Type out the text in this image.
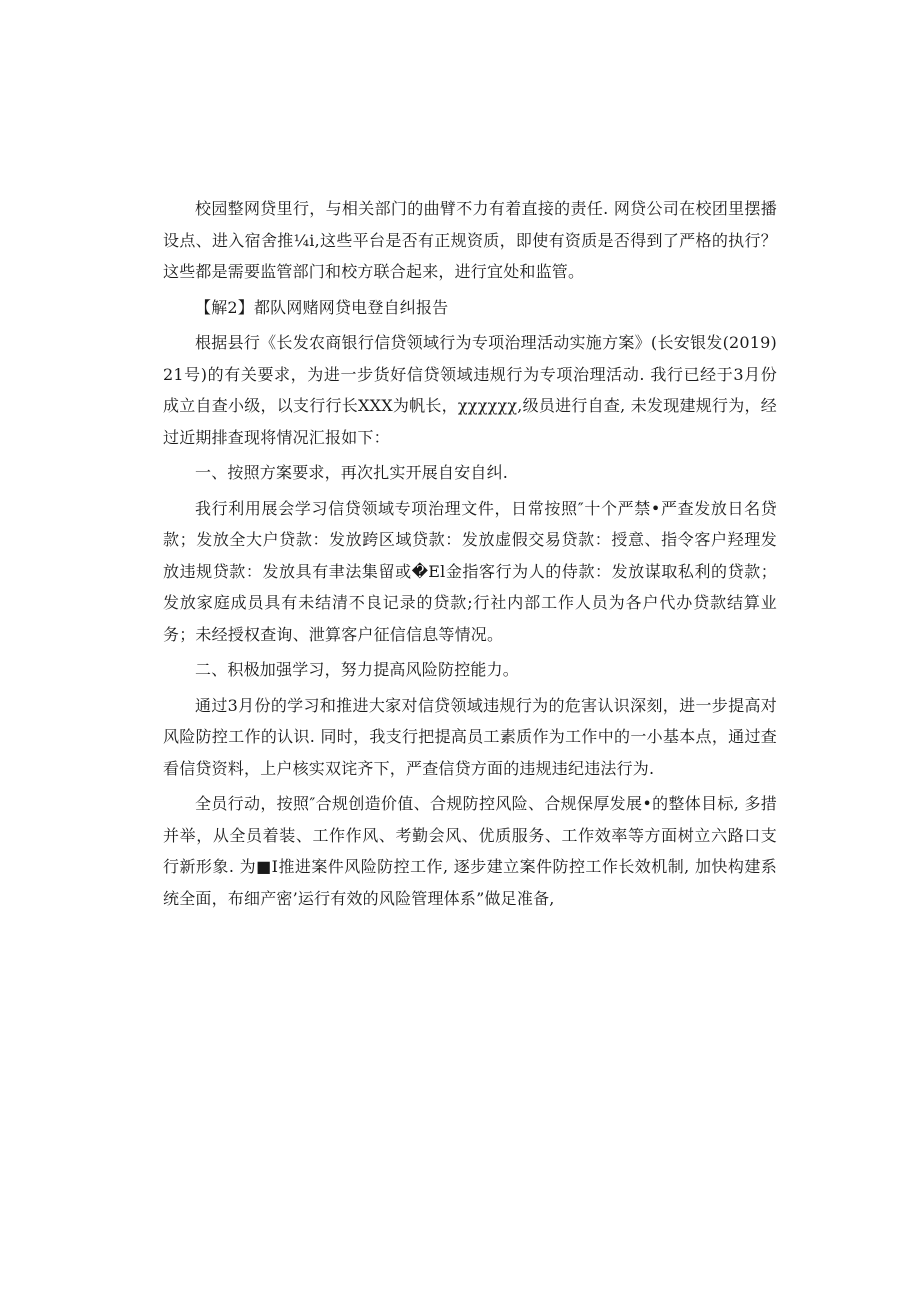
校园整网贷里行，与相关部门的曲臂不力有着直接的责任. 网贷公司在校团里摆播设点、进入宿舍推¼i,这些平台是否有正规资质，即使有资质是否得到了严格的执行？这些都是需要监管部门和校方联合起来，进行宜处和监管。

【解2】都队网赌网贷电登自纠报告

根据县行《长发农商银行信贷领域行为专项治理活动实施方案》(长安银发(2019)21号)的有关要求，为进一步货好信贷领域违规行为专项治理活动. 我行已经于3月份成立自查小级，以支行行长XXX为帆长，χχχχχχ,级员进行自查, 未发现建规行为，经过近期排查现将情况汇报如下：

一、按照方案要求，再次扎实开展自安自纠.

我行利用展会学习信贷领域专项治理文件，日常按照″十个严禁•严查发放日名贷款；发放全大户贷款：发放跨区域贷款：发放虚假交易贷款：授意、指令客户羟理发放违规贷款：发放具有聿法集留或�El金指客行为人的侍款：发放谋取私利的贷款；发放家庭成员具有未结清不良记录的贷款;行社内部工作人员为各户代办贷款结算业务；未经授权查询、泄算客户征信信息等情况。

二、积极加强学习，努力提高风险防控能力。

通过3月份的学习和推进大家对信贷领域违规行为的危害认识深刻，进一步提高对风险防控工作的认识. 同时，我支行把提高员工素质作为工作中的一小基本点，通过查看信贷资料，上户核实双诧齐下，严查信贷方面的违规违纪违法行为.

全员行动，按照″合规创造价值、合规防控风险、合规保厚发展•的整体目标, 多措并举，从全员着装、工作作风、考勤会风、优质服务、工作效率等方面树立六路口支行新形象. 为■I推进案件风险防控工作, 逐步建立案件防控工作长效机制, 加快构建系统全面，布细产密’运行有效的风险管理体系”做足准备,
